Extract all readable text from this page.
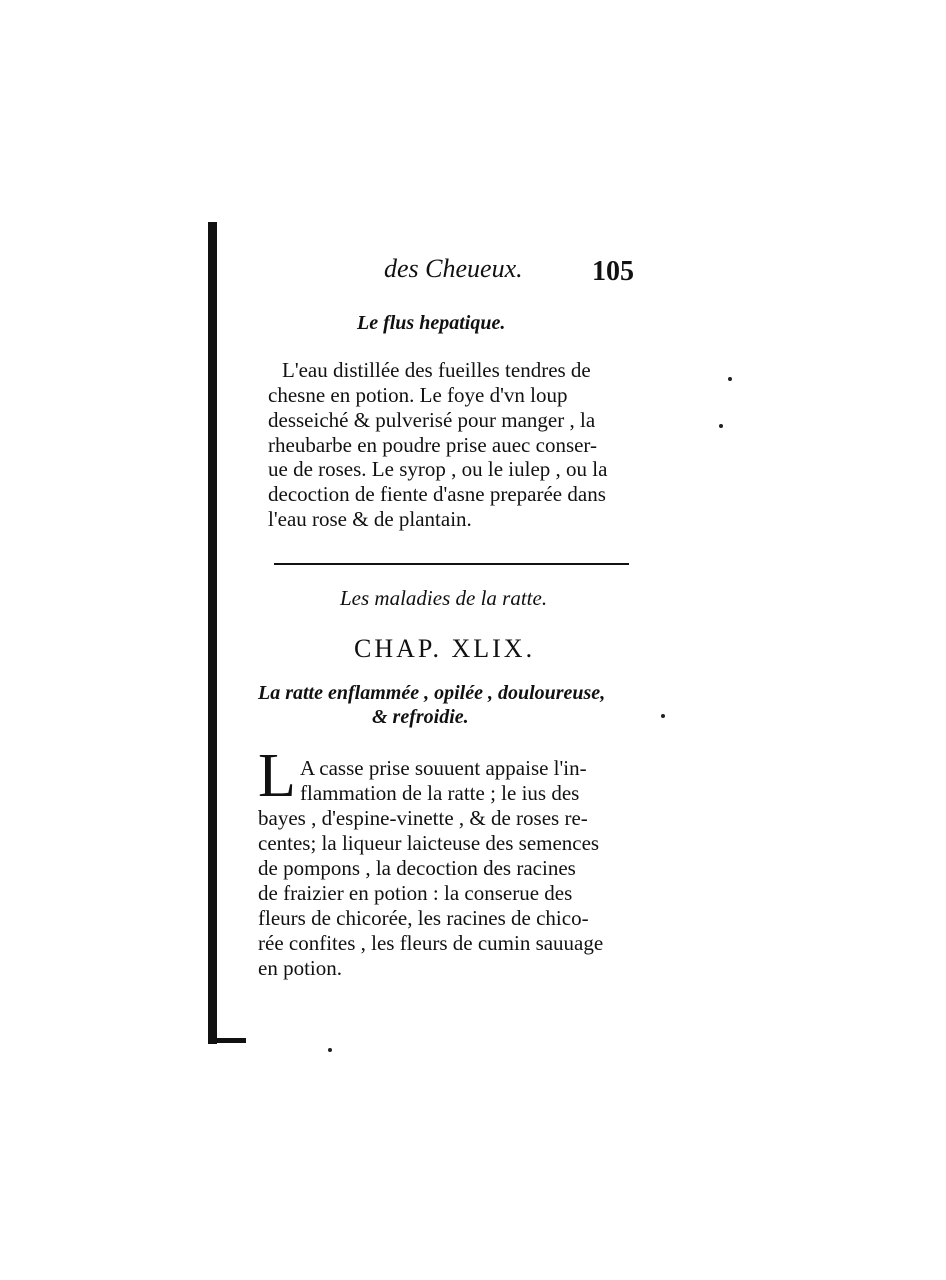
des Cheueux. 105
Le flus hepatique.
L'eau distillée des fueilles tendres de
chesne en potion. Le foye d'vn loup
desseiché & pulverisé pour manger , la
rheubarbe en poudre prise auec conser-
ue de roses. Le syrop , ou le iulep , ou la
decoction de fiente d'asne preparée dans
l'eau rose & de plantain.
Les maladies de la ratte.
CHAP. XLIX.
La ratte enflammée , opilée , douloureuse,
& refroidie.
L A casse prise souuent appaise l'in-
flammation de la ratte ; le ius des
bayes , d'espine-vinette , & de roses re-
centes; la liqueur laicteuse des semences
de pompons , la decoction des racines
de fraizier en potion : la conserue des
fleurs de chicorée, les racines de chico-
rée confites , les fleurs de cumin sauuage
en potion.
